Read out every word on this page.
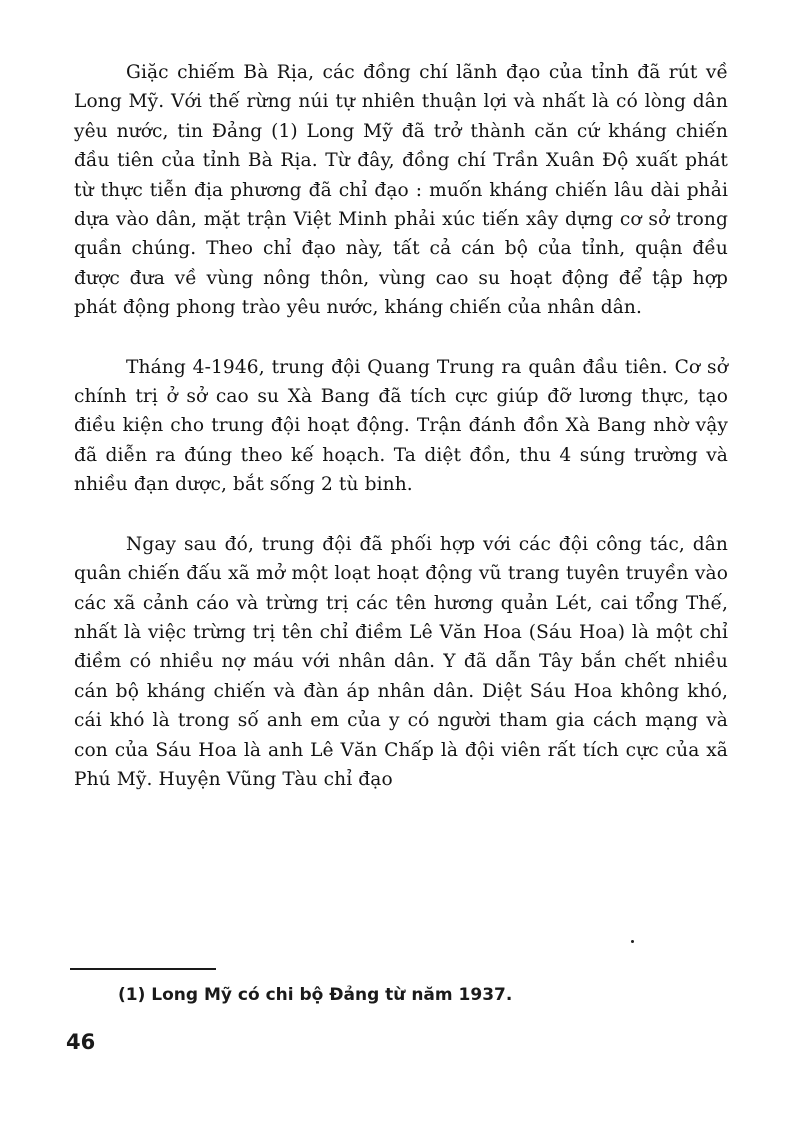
Giặc chiếm Bà Rịa, các đồng chí lãnh đạo của tỉnh đã rút về Long Mỹ. Với thế rừng núi tự nhiên thuận lợi và nhất là có lòng dân yêu nước, tin Đảng (1) Long Mỹ đã trở thành căn cứ kháng chiến đầu tiên của tỉnh Bà Rịa. Từ đây, đồng chí Trần Xuân Độ xuất phát từ thực tiễn địa phương đã chỉ đạo : muốn kháng chiến lâu dài phải dựa vào dân, mặt trận Việt Minh phải xúc tiến xây dựng cơ sở trong quần chúng. Theo chỉ đạo này, tất cả cán bộ của tỉnh, quận đều được đưa về vùng nông thôn, vùng cao su hoạt động để tập hợp phát động phong trào yêu nước, kháng chiến của nhân dân.

Tháng 4-1946, trung đội Quang Trung ra quân đầu tiên. Cơ sở chính trị ở sở cao su Xà Bang đã tích cực giúp đỡ lương thực, tạo điều kiện cho trung đội hoạt động. Trận đánh đồn Xà Bang nhờ vậy đã diễn ra đúng theo kế hoạch. Ta diệt đồn, thu 4 súng trường và nhiều đạn dược, bắt sống 2 tù binh.

Ngay sau đó, trung đội đã phối hợp với các đội công tác, dân quân chiến đấu xã mở một loạt hoạt động vũ trang tuyên truyền vào các xã cảnh cáo và trừng trị các tên hương quản Lét, cai tổng Thế, nhất là việc trừng trị tên chỉ điềm Lê Văn Hoa (Sáu Hoa) là một chỉ điềm có nhiều nợ máu với nhân dân. Y đã dẫn Tây bắn chết nhiều cán bộ kháng chiến và đàn áp nhân dân. Diệt Sáu Hoa không khó, cái khó là trong số anh em của y có người tham gia cách mạng và con của Sáu Hoa là anh Lê Văn Chấp là đội viên rất tích cực của xã Phú Mỹ. Huyện Vũng Tàu chỉ đạo

(1) Long Mỹ có chi bộ Đảng từ năm 1937.
46
